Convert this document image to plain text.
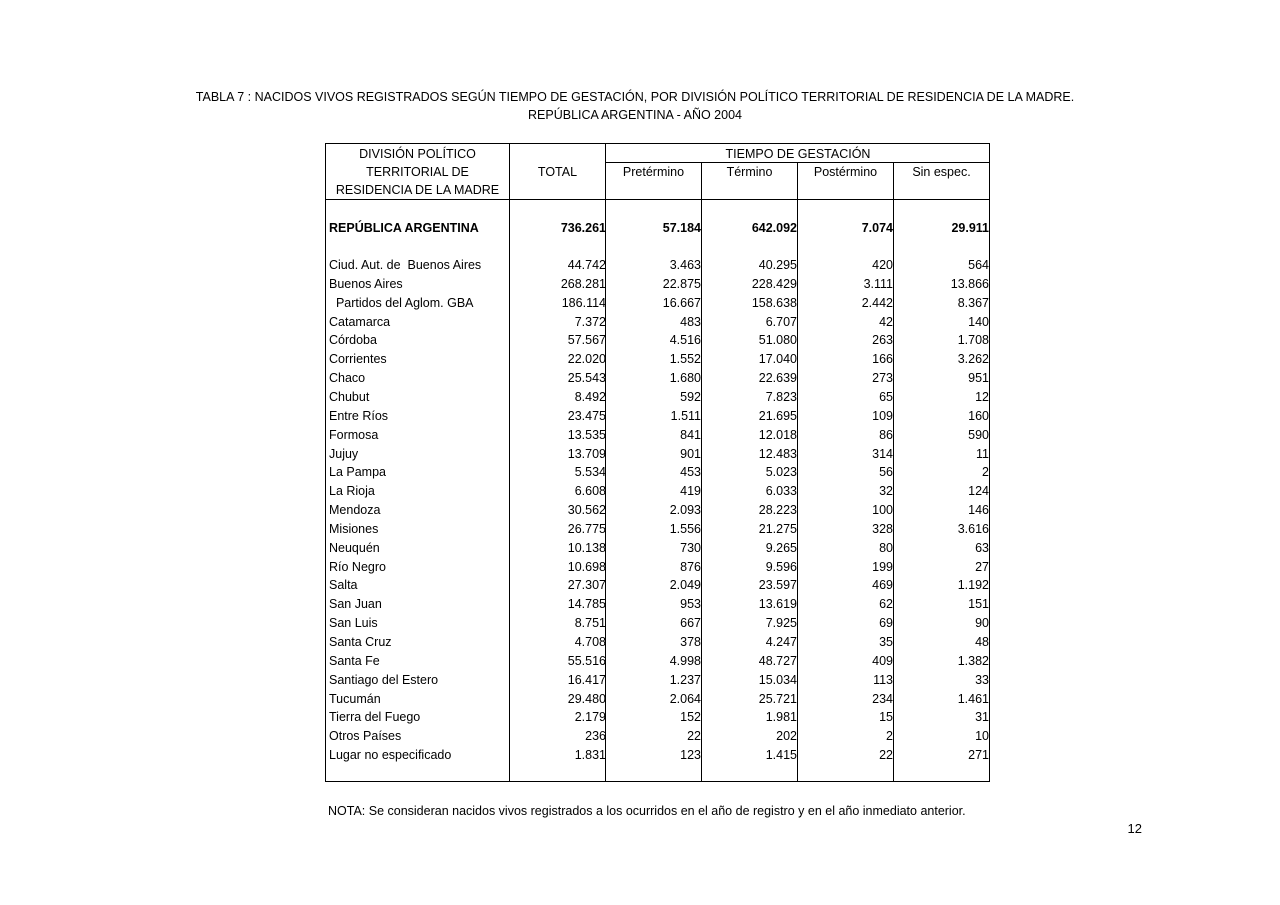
TABLA 7 : NACIDOS VIVOS REGISTRADOS SEGÚN TIEMPO DE GESTACIÓN, POR DIVISIÓN POLÍTICO TERRITORIAL DE RESIDENCIA DE LA MADRE.
REPÚBLICA ARGENTINA - AÑO 2004
DIVISIÓN POLÍTICO
TERRITORIAL DE
RESIDENCIA DE LA MADRE
TOTAL
TIEMPO DE GESTACIÓN
Pretérmino	Término	Postérmino	Sin espec.
REPÚBLICA ARGENTINA	736.261	57.184	642.092	7.074	29.911
Ciud. Aut. de  Buenos Aires	44.742	3.463	40.295	420	564
Buenos Aires	268.281	22.875	228.429	3.111	13.866
Partidos del Aglom. GBA	186.114	16.667	158.638	2.442	8.367
Catamarca	7.372	483	6.707	42	140
Córdoba	57.567	4.516	51.080	263	1.708
Corrientes	22.020	1.552	17.040	166	3.262
Chaco	25.543	1.680	22.639	273	951
Chubut	8.492	592	7.823	65	12
Entre Ríos	23.475	1.511	21.695	109	160
Formosa	13.535	841	12.018	86	590
Jujuy	13.709	901	12.483	314	11
La Pampa	5.534	453	5.023	56	2
La Rioja	6.608	419	6.033	32	124
Mendoza	30.562	2.093	28.223	100	146
Misiones	26.775	1.556	21.275	328	3.616
Neuquén	10.138	730	9.265	80	63
Río Negro	10.698	876	9.596	199	27
Salta	27.307	2.049	23.597	469	1.192
San Juan	14.785	953	13.619	62	151
San Luis	8.751	667	7.925	69	90
Santa Cruz	4.708	378	4.247	35	48
Santa Fe	55.516	4.998	48.727	409	1.382
Santiago del Estero	16.417	1.237	15.034	113	33
Tucumán	29.480	2.064	25.721	234	1.461
Tierra del Fuego	2.179	152	1.981	15	31
Otros Países	236	22	202	2	10
Lugar no especificado	1.831	123	1.415	22	271
NOTA: Se consideran nacidos vivos registrados a los ocurridos en el año de registro y en el año inmediato anterior.
12
